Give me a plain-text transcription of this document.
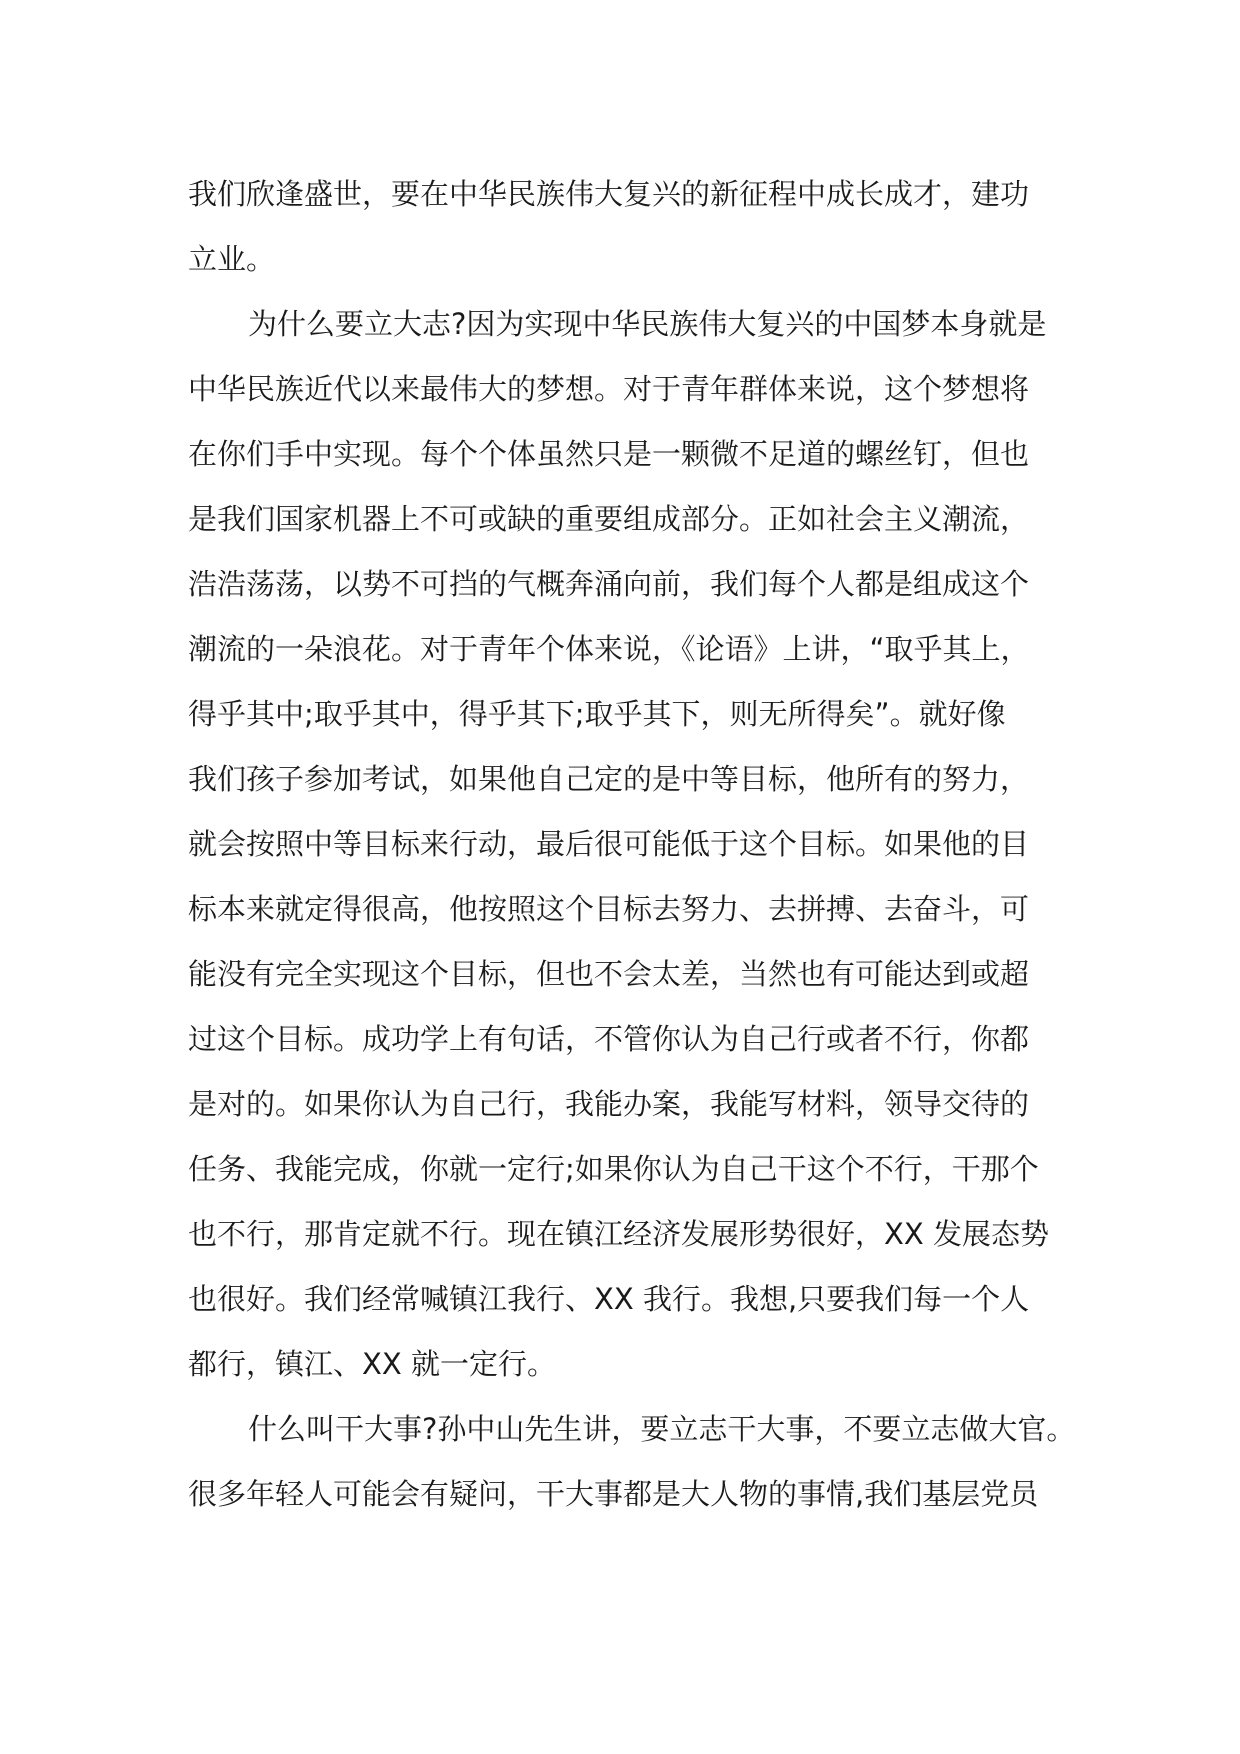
我们欣逢盛世，要在中华民族伟大复兴的新征程中成长成才，建功
立业。
为什么要立大志?因为实现中华民族伟大复兴的中国梦本身就是
中华民族近代以来最伟大的梦想。对于青年群体来说，这个梦想将
在你们手中实现。每个个体虽然只是一颗微不足道的螺丝钉，但也
是我们国家机器上不可或缺的重要组成部分。正如社会主义潮流，
浩浩荡荡，以势不可挡的气概奔涌向前，我们每个人都是组成这个
潮流的一朵浪花。对于青年个体来说，《论语》上讲，“取乎其上，
得乎其中;取乎其中，得乎其下;取乎其下，则无所得矣”。就好像
我们孩子参加考试，如果他自己定的是中等目标，他所有的努力，
就会按照中等目标来行动，最后很可能低于这个目标。如果他的目
标本来就定得很高，他按照这个目标去努力、去拼搏、去奋斗，可
能没有完全实现这个目标，但也不会太差，当然也有可能达到或超
过这个目标。成功学上有句话，不管你认为自己行或者不行，你都
是对的。如果你认为自己行，我能办案，我能写材料，领导交待的
任务、我能完成，你就一定行;如果你认为自己干这个不行，干那个
也不行，那肯定就不行。现在镇江经济发展形势很好，XX 发展态势
也很好。我们经常喊镇江我行、XX 我行。我想,只要我们每一个人
都行，镇江、XX 就一定行。
什么叫干大事?孙中山先生讲，要立志干大事，不要立志做大官。
很多年轻人可能会有疑问，干大事都是大人物的事情,我们基层党员
